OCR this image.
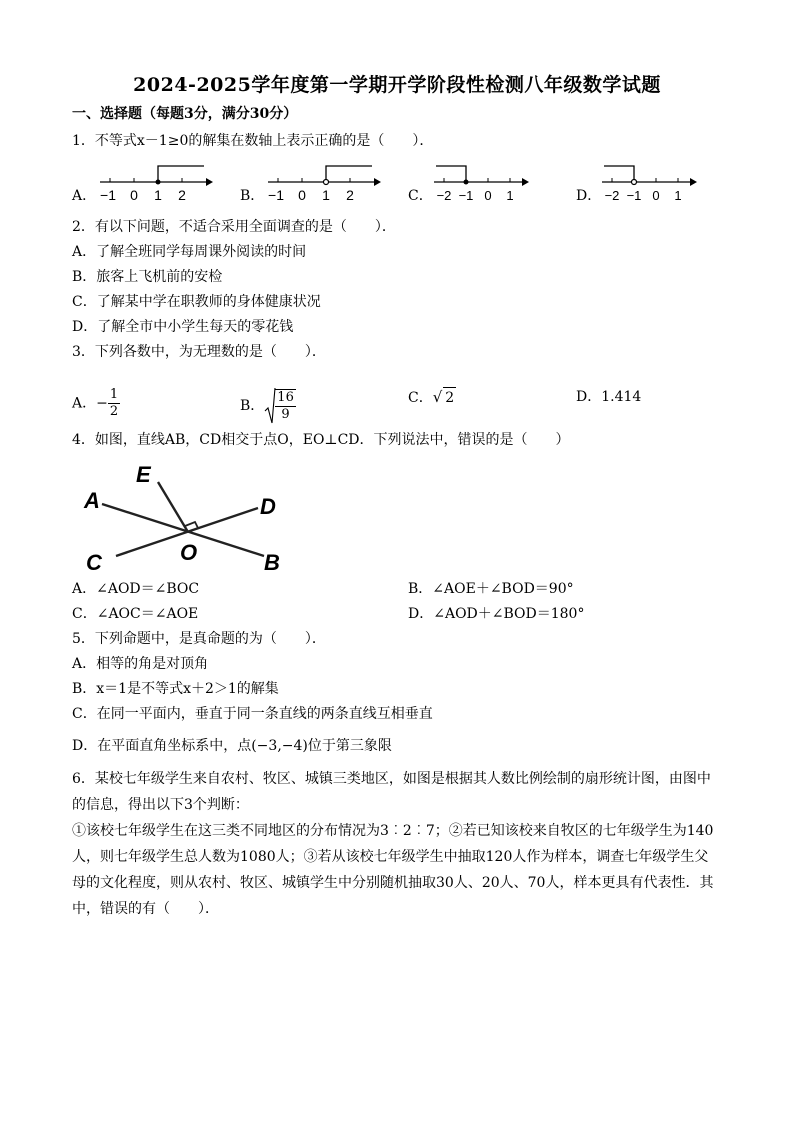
2024-2025学年度第一学期开学阶段性检测八年级数学试题
一、选择题（每题3分，满分30分）
1．不等式x－1≥0的解集在数轴上表示正确的是（　　）．
A． −1 0 1 2	B． −1 0 1 2	C． −2 −1 0 1	D． −2 −1 0 1
2．有以下问题，不适合采用全面调查的是（　　）．
A．了解全班同学每周课外阅读的时间
B．旅客上飞机前的安检
C．了解某中学在职教师的身体健康状况
D．了解全市中小学生每天的零花钱
3．下列各数中，为无理数的是（　　）．
A．− $\frac{1}{2}$	B． $\frac{16}{9}$	C．√ 2	D．1.414
4．如图，直线AB，CD相交于点O，EO⊥CD．下列说法中，错误的是（　　）
A
E
D
C	O	B
A．∠AOD＝∠BOC	B．∠AOE＋∠BOD＝90°
C．∠AOC＝∠AOE	D．∠AOD＋∠BOD＝180°
5．下列命题中，是真命题的为（　　）．
A．相等的角是对顶角
B．x＝1是不等式x＋2＞1的解集
C．在同一平面内，垂直于同一条直线的两条直线互相垂直
D．在平面直角坐标系中，点(−3,−4)位于第三象限
6．某校七年级学生来自农村、牧区、城镇三类地区，如图是根据其人数比例绘制的扇形统计图，由图中的信息，得出以下3个判断：
①该校七年级学生在这三类不同地区的分布情况为3︰2︰7；②若已知该校来自牧区的七年级学生为140人，则七年级学生总人数为1080人；③若从该校七年级学生中抽取120人作为样本，调查七年级学生父母的文化程度，则从农村、牧区、城镇学生中分别随机抽取30人、20人、70人，样本更具有代表性．其中，错误的有（　　）．
